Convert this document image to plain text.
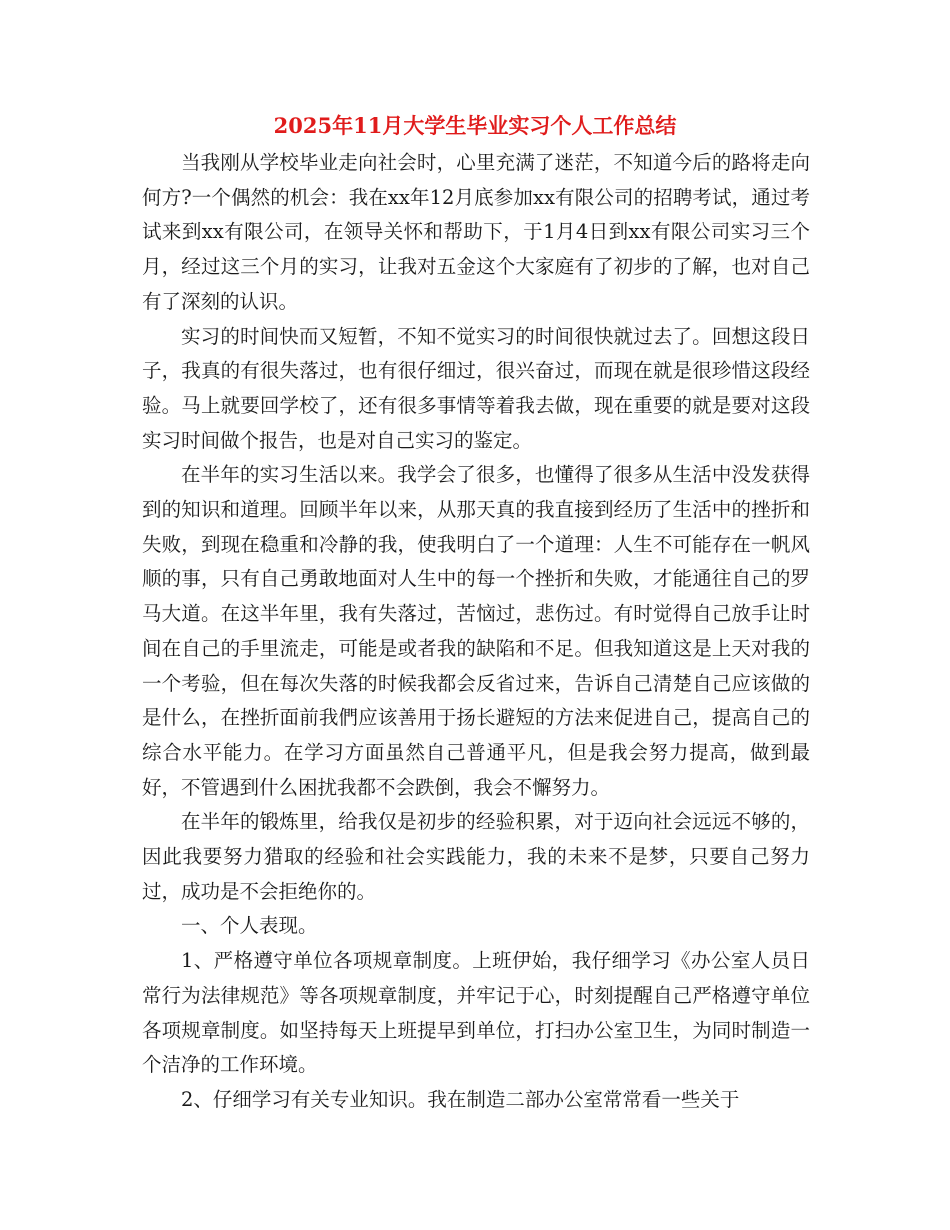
2025年11月大学生毕业实习个人工作总结

当我刚从学校毕业走向社会时，心里充满了迷茫，不知道今后的路将走向何方?一个偶然的机会：我在xx年12月底参加xx有限公司的招聘考试，通过考试来到xx有限公司，在领导关怀和帮助下，于1月4日到xx有限公司实习三个月，经过这三个月的实习，让我对五金这个大家庭有了初步的了解，也对自己有了深刻的认识。

实习的时间快而又短暂，不知不觉实习的时间很快就过去了。回想这段日子，我真的有很失落过，也有很仔细过，很兴奋过，而现在就是很珍惜这段经验。马上就要回学校了，还有很多事情等着我去做，现在重要的就是要对这段实习时间做个报告，也是对自己实习的鉴定。

在半年的实习生活以来。我学会了很多，也懂得了很多从生活中没发获得到的知识和道理。回顾半年以来，从那天真的我直接到经历了生活中的挫折和失败，到现在稳重和冷静的我，使我明白了一个道理：人生不可能存在一帆风顺的事，只有自己勇敢地面对人生中的每一个挫折和失败，才能通往自己的罗马大道。在这半年里，我有失落过，苦恼过，悲伤过。有时觉得自己放手让时间在自己的手里流走，可能是或者我的缺陷和不足。但我知道这是上天对我的一个考验，但在每次失落的时候我都会反省过来，告诉自己清楚自己应该做的是什么，在挫折面前我們应该善用于扬长避短的方法来促进自己，提高自己的综合水平能力。在学习方面虽然自己普通平凡，但是我会努力提高，做到最好，不管遇到什么困扰我都不会跌倒，我会不懈努力。

在半年的锻炼里，给我仅是初步的经验积累，对于迈向社会远远不够的，因此我要努力猎取的经验和社会实践能力，我的未来不是梦，只要自己努力过，成功是不会拒绝你的。

一、个人表现。

1、严格遵守单位各项规章制度。上班伊始，我仔细学习《办公室人员日常行为法律规范》等各项规章制度，并牢记于心，时刻提醒自己严格遵守单位各项规章制度。如坚持每天上班提早到单位，打扫办公室卫生，为同时制造一个洁净的工作环境。

2、仔细学习有关专业知识。我在制造二部办公室常常看一些关于
